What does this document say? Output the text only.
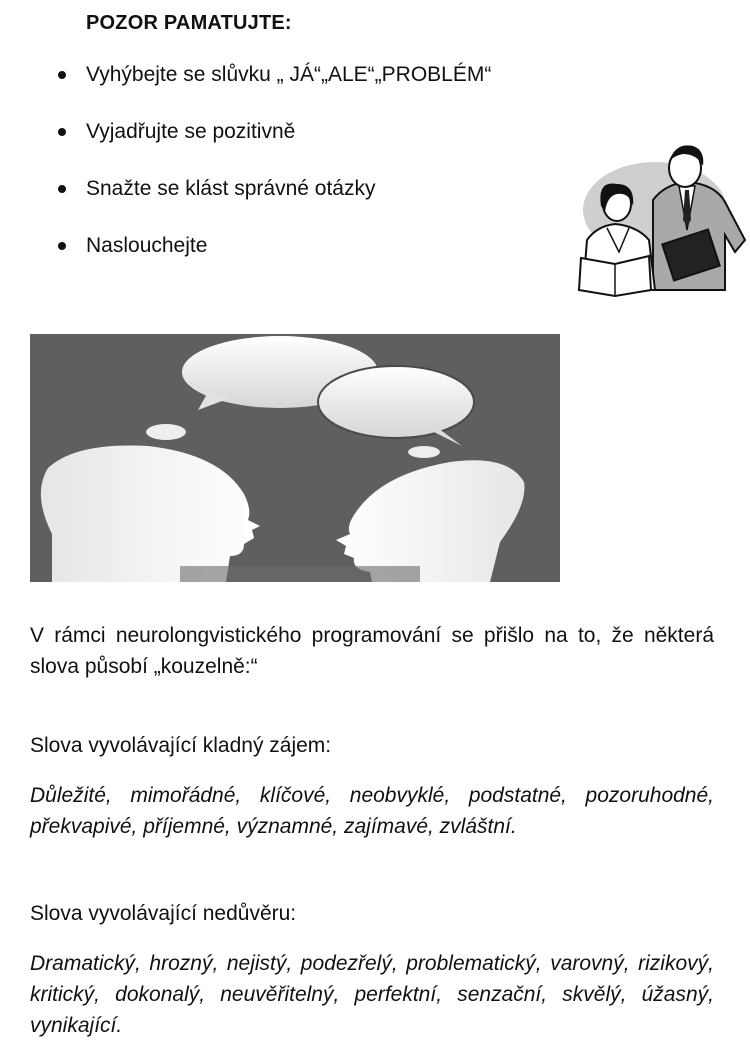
POZOR PAMATUJTE:
Vyhýbejte se slůvku „ JÁ“„ALE“„PROBLÉM“
Vyjadřujte se pozitivně
Snažte se klást správné otázky
Naslouchejte
V rámci neurolongvistického programování se přišlo na to, že některá slova působí „kouzelně:“
Slova vyvolávající kladný zájem:
Důležité, mimořádné, klíčové, neobvyklé, podstatné, pozoruhodné, překvapivé, příjemné, významné, zajímavé, zvláštní.
Slova vyvolávající nedůvěru:
Dramatický, hrozný, nejistý, podezřelý, problematický, varovný, rizikový, kritický, dokonalý, neuvěřitelný, perfektní, senzační, skvělý, úžasný, vynikající.
